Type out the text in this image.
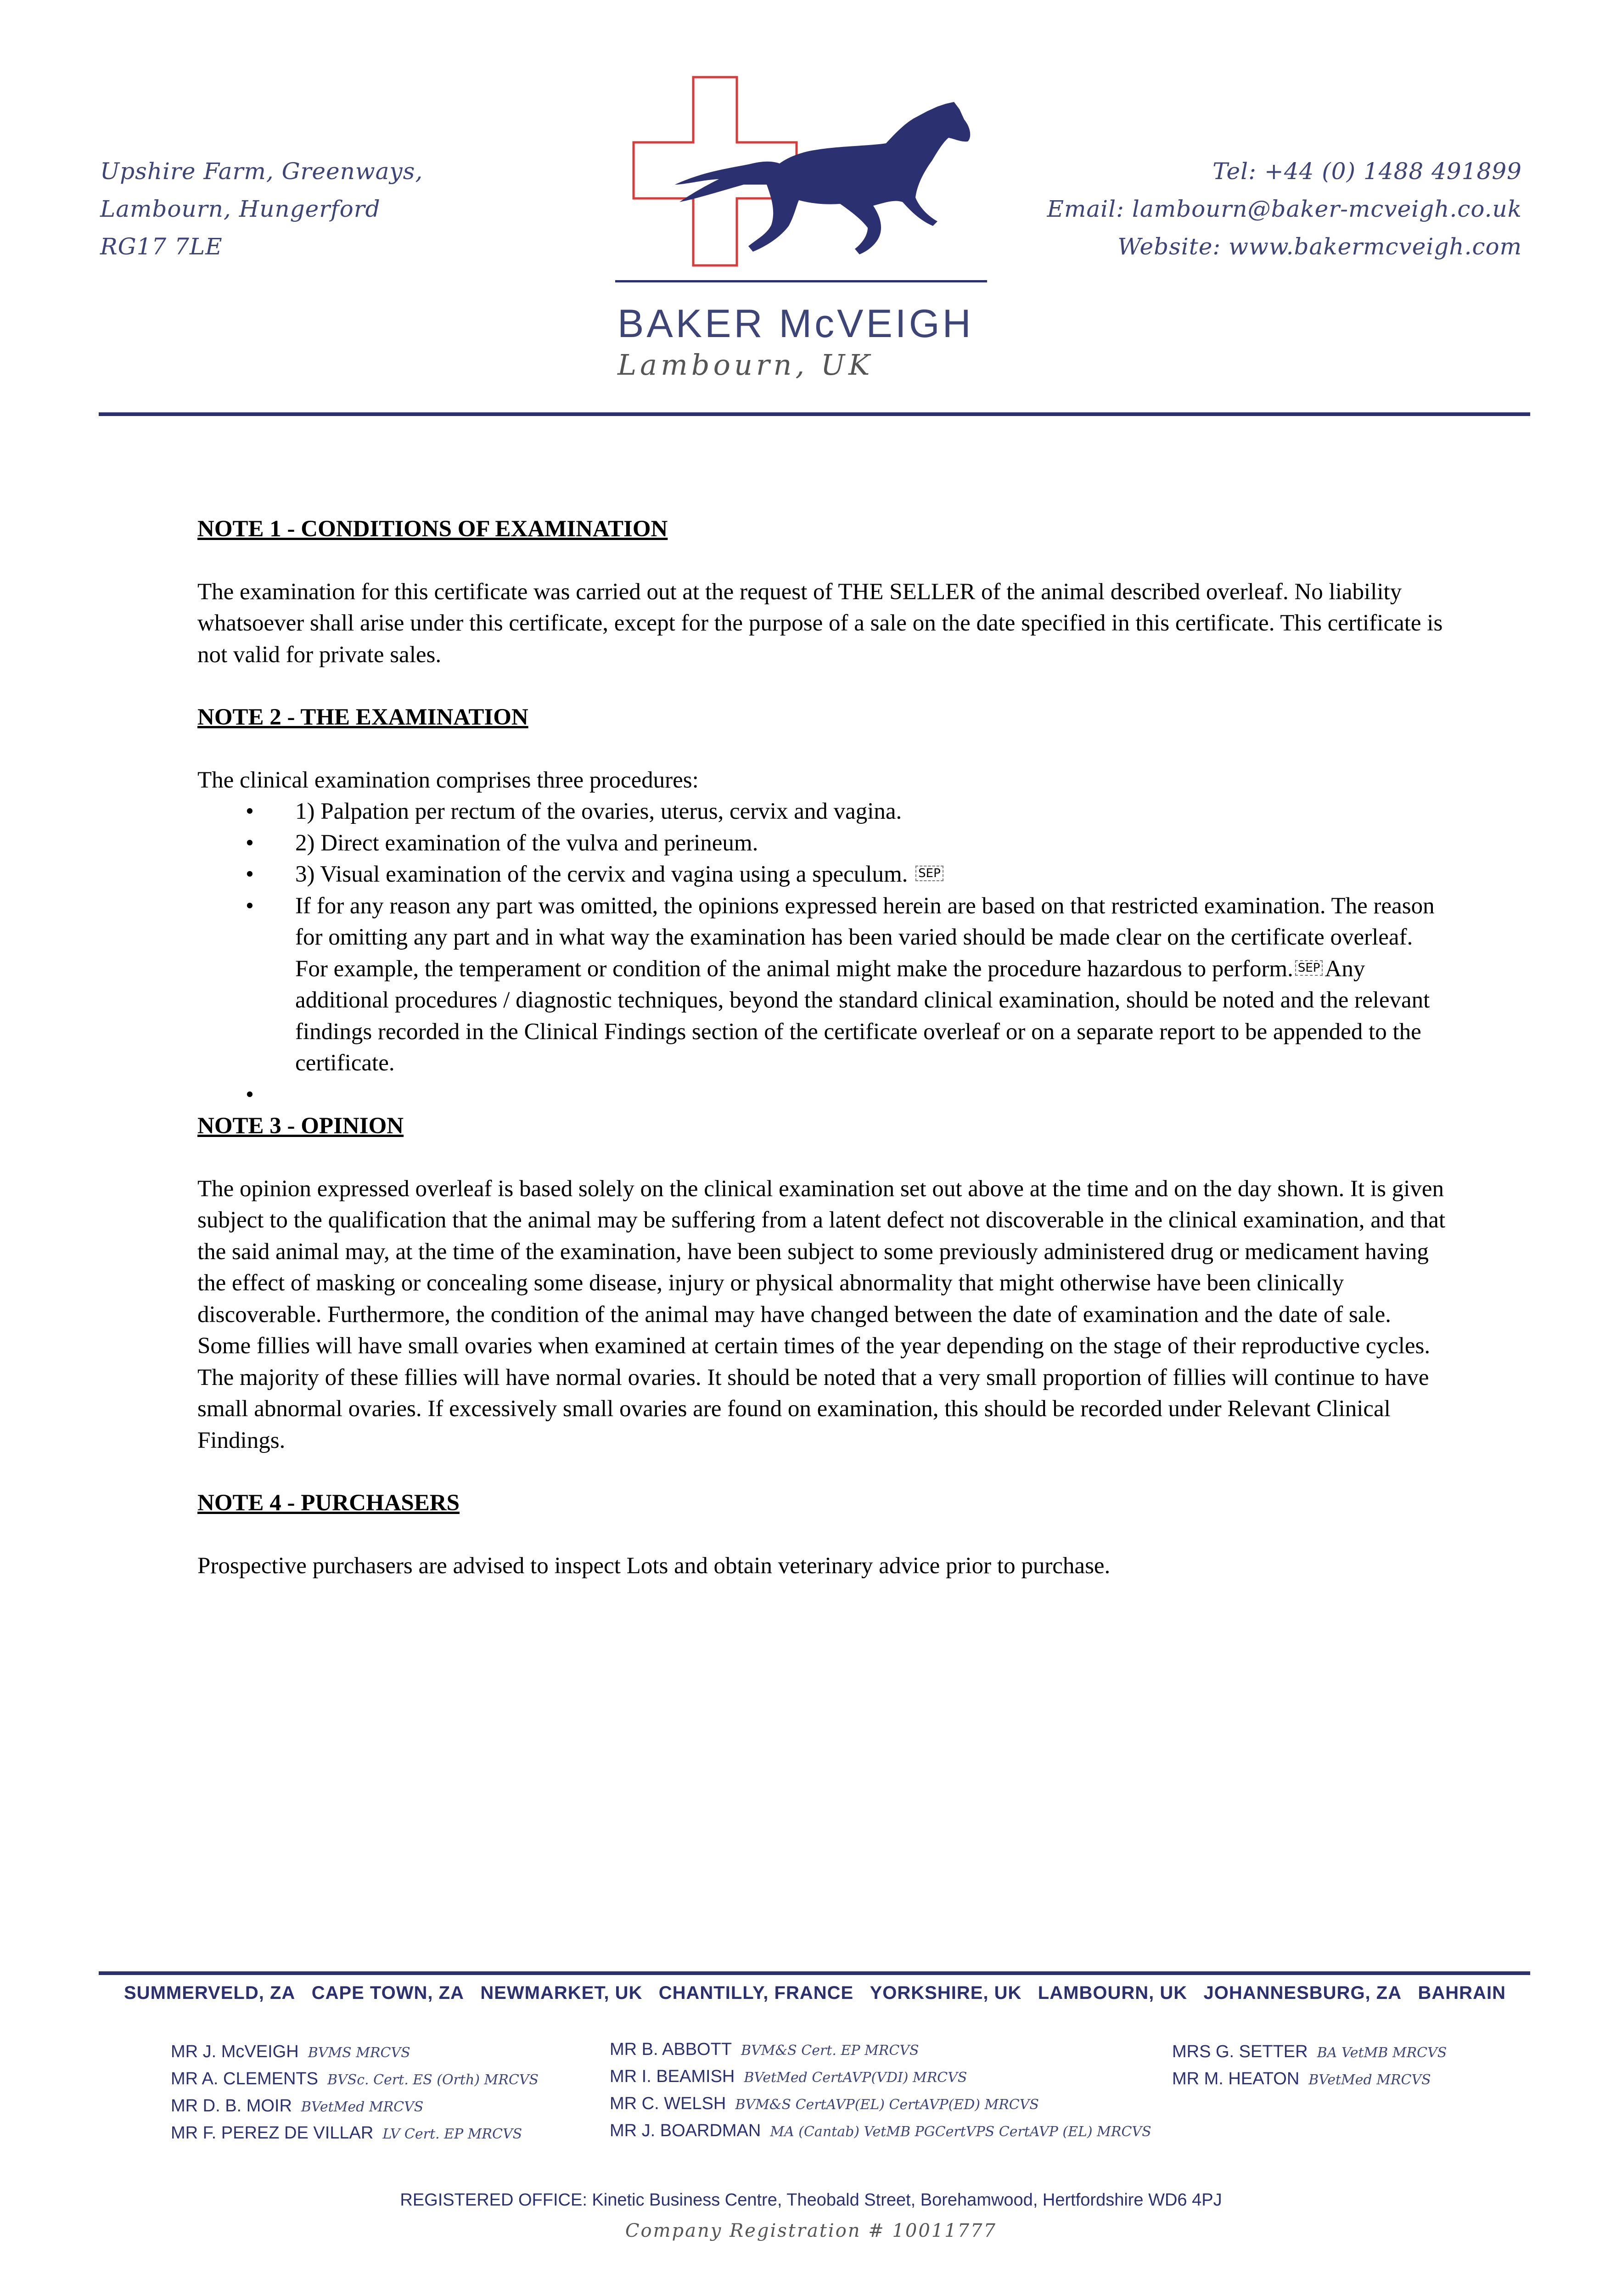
Upshire Farm, Greenways,
Lambourn, Hungerford
RG17 7LE
Tel: +44 (0) 1488 491899
Email: lambourn@baker-mcveigh.co.uk
Website: www.bakermcveigh.com
BAKER McVEIGH
Lambourn, UK

NOTE 1 - CONDITIONS OF EXAMINATION

The examination for this certificate was carried out at the request of THE SELLER of the animal described overleaf. No liability whatsoever shall arise under this certificate, except for the purpose of a sale on the date specified in this certificate. This certificate is not valid for private sales.

NOTE 2 - THE EXAMINATION

The clinical examination comprises three procedures:

• 1) Palpation per rectum of the ovaries, uterus, cervix and vagina.
• 2) Direct examination of the vulva and perineum.
• 3) Visual examination of the cervix and vagina using a speculum. SEP
• If for any reason any part was omitted, the opinions expressed herein are based on that restricted examination. The reason for omitting any part and in what way the examination has been varied should be made clear on the certificate overleaf. For example, the temperament or condition of the animal might make the procedure hazardous to perform. SEP Any additional procedures / diagnostic techniques, beyond the standard clinical examination, should be noted and the relevant findings recorded in the Clinical Findings section of the certificate overleaf or on a separate report to be appended to the certificate.
•

NOTE 3 - OPINION

The opinion expressed overleaf is based solely on the clinical examination set out above at the time and on the day shown. It is given subject to the qualification that the animal may be suffering from a latent defect not discoverable in the clinical examination, and that the said animal may, at the time of the examination, have been subject to some previously administered drug or medicament having the effect of masking or concealing some disease, injury or physical abnormality that might otherwise have been clinically discoverable. Furthermore, the condition of the animal may have changed between the date of examination and the date of sale. Some fillies will have small ovaries when examined at certain times of the year depending on the stage of their reproductive cycles. The majority of these fillies will have normal ovaries. It should be noted that a very small proportion of fillies will continue to have small abnormal ovaries. If excessively small ovaries are found on examination, this should be recorded under Relevant Clinical Findings.

NOTE 4 - PURCHASERS

Prospective purchasers are advised to inspect Lots and obtain veterinary advice prior to purchase.

SUMMERVELD, ZA CAPE TOWN, ZA NEWMARKET, UK CHANTILLY, FRANCE YORKSHIRE, UK LAMBOURN, UK JOHANNESBURG, ZA BAHRAIN
MR J. McVEIGH BVMS MRCVS
MR A. CLEMENTS BVSc. Cert. ES (Orth) MRCVS
MR D. B. MOIR BVetMed MRCVS
MR F. PEREZ DE VILLAR LV Cert. EP MRCVS
MR B. ABBOTT BVM&S Cert. EP MRCVS
MR I. BEAMISH BVetMed CertAVP(VDI) MRCVS
MR C. WELSH BVM&S CertAVP(EL) CertAVP(ED) MRCVS
MR J. BOARDMAN MA (Cantab) VetMB PGCertVPS CertAVP (EL) MRCVS
MRS G. SETTER BA VetMB MRCVS
MR M. HEATON BVetMed MRCVS
REGISTERED OFFICE: Kinetic Business Centre, Theobald Street, Borehamwood, Hertfordshire WD6 4PJ
Company Registration # 10011777
